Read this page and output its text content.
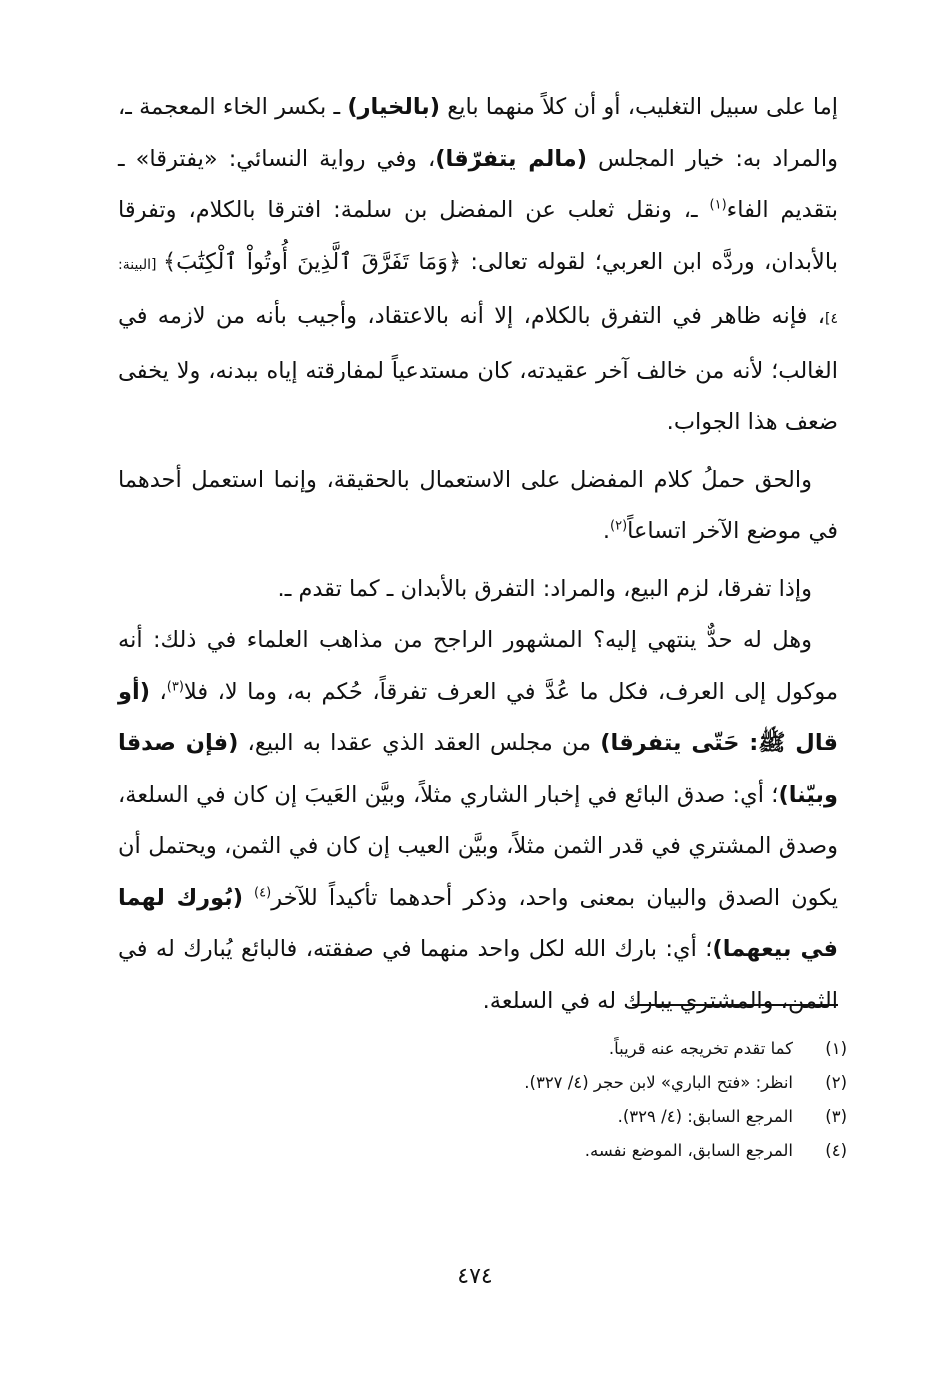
إما على سبيل التغليب، أو أن كلاً منهما بايع (بالخيار) ـ بكسر الخاء المعجمة ـ، والمراد به: خيار المجلس (مالم يتفرّقا)، وفي رواية النسائي: «يفترقا» ـ بتقديم الفاء$^{(١)}$ ـ، ونقل ثعلب عن المفضل بن سلمة: افترقا بالكلام، وتفرقا بالأبدان، وردَّه ابن العربي؛ لقوله تعالى: ﴿وَمَا تَفَرَّقَ ٱلَّذِينَ أُوتُواْ ٱلْكِتَٰبَ﴾ [البينة: ٤]، فإنه ظاهر في التفرق بالكلام، إلا أنه بالاعتقاد، وأجيب بأنه من لازمه في الغالب؛ لأنه من خالف آخر عقيدته، كان مستدعياً لمفارقته إياه ببدنه، ولا يخفى ضعف هذا الجواب.

والحق حملُ كلام المفضل على الاستعمال بالحقيقة، وإنما استعمل أحدهما في موضع الآخر اتساعاً$^{(٢)}$.

وإذا تفرقا، لزم البيع، والمراد: التفرق بالأبدان ـ كما تقدم ـ.

وهل له حدٌّ ينتهي إليه؟ المشهور الراجح من مذاهب العلماء في ذلك: أنه موكول إلى العرف، فكل ما عُدَّ في العرف تفرقاً، حُكم به، وما لا، فلا$^{(٣)}$، (أو قال ﷺ: حَتّى يتفرقا) من مجلس العقد الذي عقدا به البيع، (فإن صدقا وبيّنا)؛ أي: صدق البائع في إخبار الشاري مثلاً، وبيَّن العَيبَ إن كان في السلعة، وصدق المشتري في قدر الثمن مثلاً، وبيَّن العيب إن كان في الثمن، ويحتمل أن يكون الصدق والبيان بمعنى واحد، وذكر أحدهما تأكيداً للآخر$^{(٤)}$ (بُورك لهما في بيعهما)؛ أي: بارك الله لكل واحد منهما في صفقته، فالبائع يُبارك له في الثمن، والمشتري يبارك له في السلعة.

(١)
كما تقدم تخريجه عنه قريباً.
(٢)
انظر: «فتح الباري» لابن حجر (٤/ ٣٢٧).
(٣)
المرجع السابق: (٤/ ٣٢٩).
(٤)
المرجع السابق، الموضع نفسه.
٤٧٤
